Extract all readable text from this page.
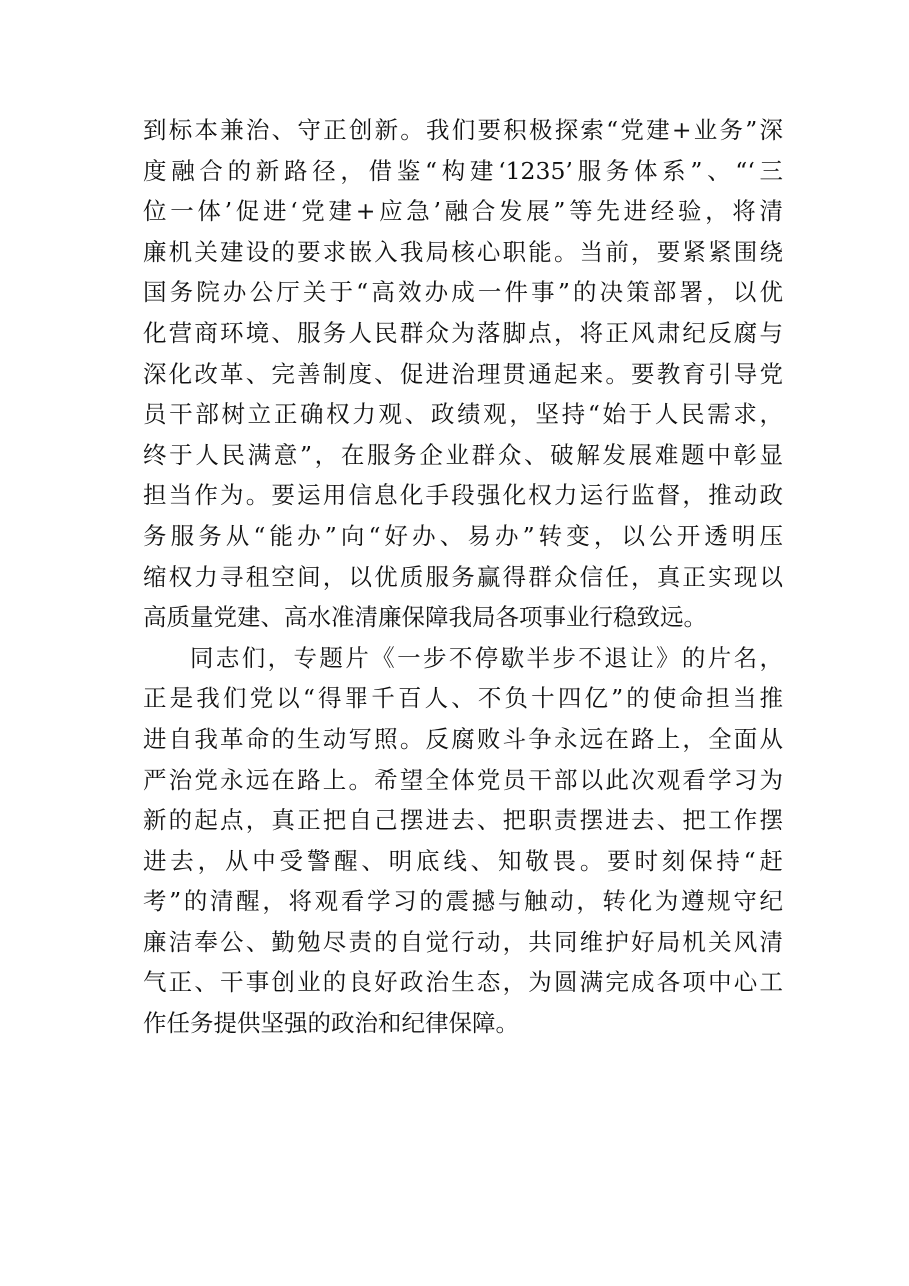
到标本兼治、守正创新。我们要积极探索“党建+业务”深
度融合的新路径，借鉴“构建‘1235’服务体系”、“‘三
位一体’促进‘党建+应急’融合发展”等先进经验，将清
廉机关建设的要求嵌入我局核心职能。当前，要紧紧围绕
国务院办公厅关于“高效办成一件事”的决策部署，以优
化营商环境、服务人民群众为落脚点，将正风肃纪反腐与
深化改革、完善制度、促进治理贯通起来。要教育引导党
员干部树立正确权力观、政绩观，坚持“始于人民需求，
终于人民满意”，在服务企业群众、破解发展难题中彰显
担当作为。要运用信息化手段强化权力运行监督，推动政
务服务从“能办”向“好办、易办”转变，以公开透明压
缩权力寻租空间，以优质服务赢得群众信任，真正实现以
高质量党建、高水准清廉保障我局各项事业行稳致远。
同志们，专题片《一步不停歇半步不退让》的片名，
正是我们党以“得罪千百人、不负十四亿”的使命担当推
进自我革命的生动写照。反腐败斗争永远在路上，全面从
严治党永远在路上。希望全体党员干部以此次观看学习为
新的起点，真正把自己摆进去、把职责摆进去、把工作摆
进去，从中受警醒、明底线、知敬畏。要时刻保持“赶
考”的清醒，将观看学习的震撼与触动，转化为遵规守纪
廉洁奉公、勤勉尽责的自觉行动，共同维护好局机关风清
气正、干事创业的良好政治生态，为圆满完成各项中心工
作任务提供坚强的政治和纪律保障。
